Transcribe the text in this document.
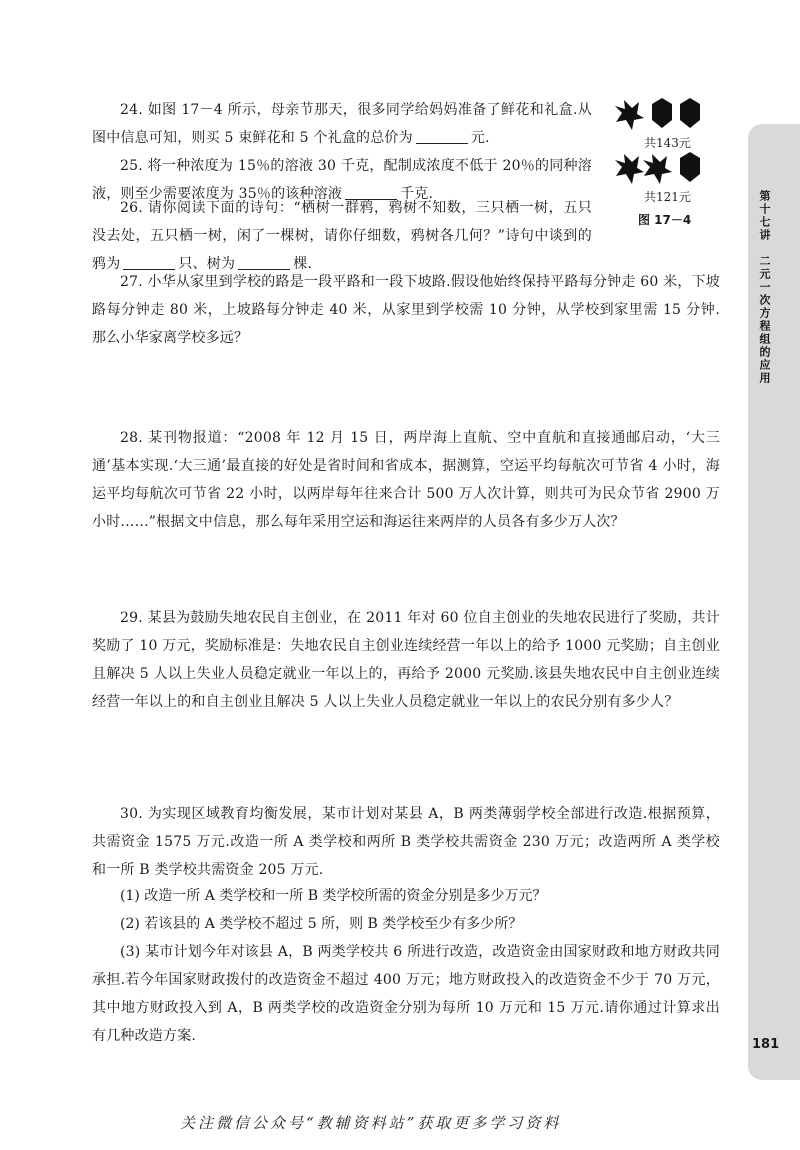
24. 如图 17－4 所示，母亲节那天，很多同学给妈妈准备了鲜花和礼盒.从图中信息可知，则买 5 束鲜花和 5 个礼盒的总价为	元.
25. 将一种浓度为 15％的溶液 30 千克，配制成浓度不低于 20％的同种溶液，则至少需要浓度为 35％的该种溶液	千克.
26. 请你阅读下面的诗句：“栖树一群鸦，鸦树不知数，三只栖一树，五只没去处，五只栖一树，闲了一棵树，请你仔细数，鸦树各几何？”诗句中谈到的鸦为	只、树为	棵.
27. 小华从家里到学校的路是一段平路和一段下坡路.假设他始终保持平路每分钟走 60 米，下坡路每分钟走 80 米，上坡路每分钟走 40 米，从家里到学校需 10 分钟，从学校到家里需 15 分钟. 那么小华家离学校多远？
28. 某刊物报道：“2008 年 12 月 15 日，两岸海上直航、空中直航和直接通邮启动，‘大三通’基本实现.‘大三通’最直接的好处是省时间和省成本，据测算，空运平均每航次可节省 4 小时，海运平均每航次可节省 22 小时，以两岸每年往来合计 500 万人次计算，则共可为民众节省 2900 万小时……”根据文中信息，那么每年采用空运和海运往来两岸的人员各有多少万人次？
29. 某县为鼓励失地农民自主创业，在 2011 年对 60 位自主创业的失地农民进行了奖励，共计奖励了 10 万元，奖励标准是：失地农民自主创业连续经营一年以上的给予 1000 元奖励；自主创业且解决 5 人以上失业人员稳定就业一年以上的，再给予 2000 元奖励.该县失地农民中自主创业连续经营一年以上的和自主创业且解决 5 人以上失业人员稳定就业一年以上的农民分别有多少人？
30. 为实现区域教育均衡发展，某市计划对某县 A，B 两类薄弱学校全部进行改造.根据预算，共需资金 1575 万元.改造一所 A 类学校和两所 B 类学校共需资金 230 万元；改造两所 A 类学校和一所 B 类学校共需资金 205 万元.
(1) 改造一所 A 类学校和一所 B 类学校所需的资金分别是多少万元？
(2) 若该县的 A 类学校不超过 5 所，则 B 类学校至少有多少所？
(3) 某市计划今年对该县 A，B 两类学校共 6 所进行改造，改造资金由国家财政和地方财政共同承担.若今年国家财政拨付的改造资金不超过 400 万元；地方财政投入的改造资金不少于 70 万元，其中地方财政投入到 A，B 两类学校的改造资金分别为每所 10 万元和 15 万元.请你通过计算求出有几种改造方案.
共143元
共121元
图 17－4	第十七讲　二元一次方程组的应用
181
关注微信公众号“教辅资料站”获取更多学习资料
